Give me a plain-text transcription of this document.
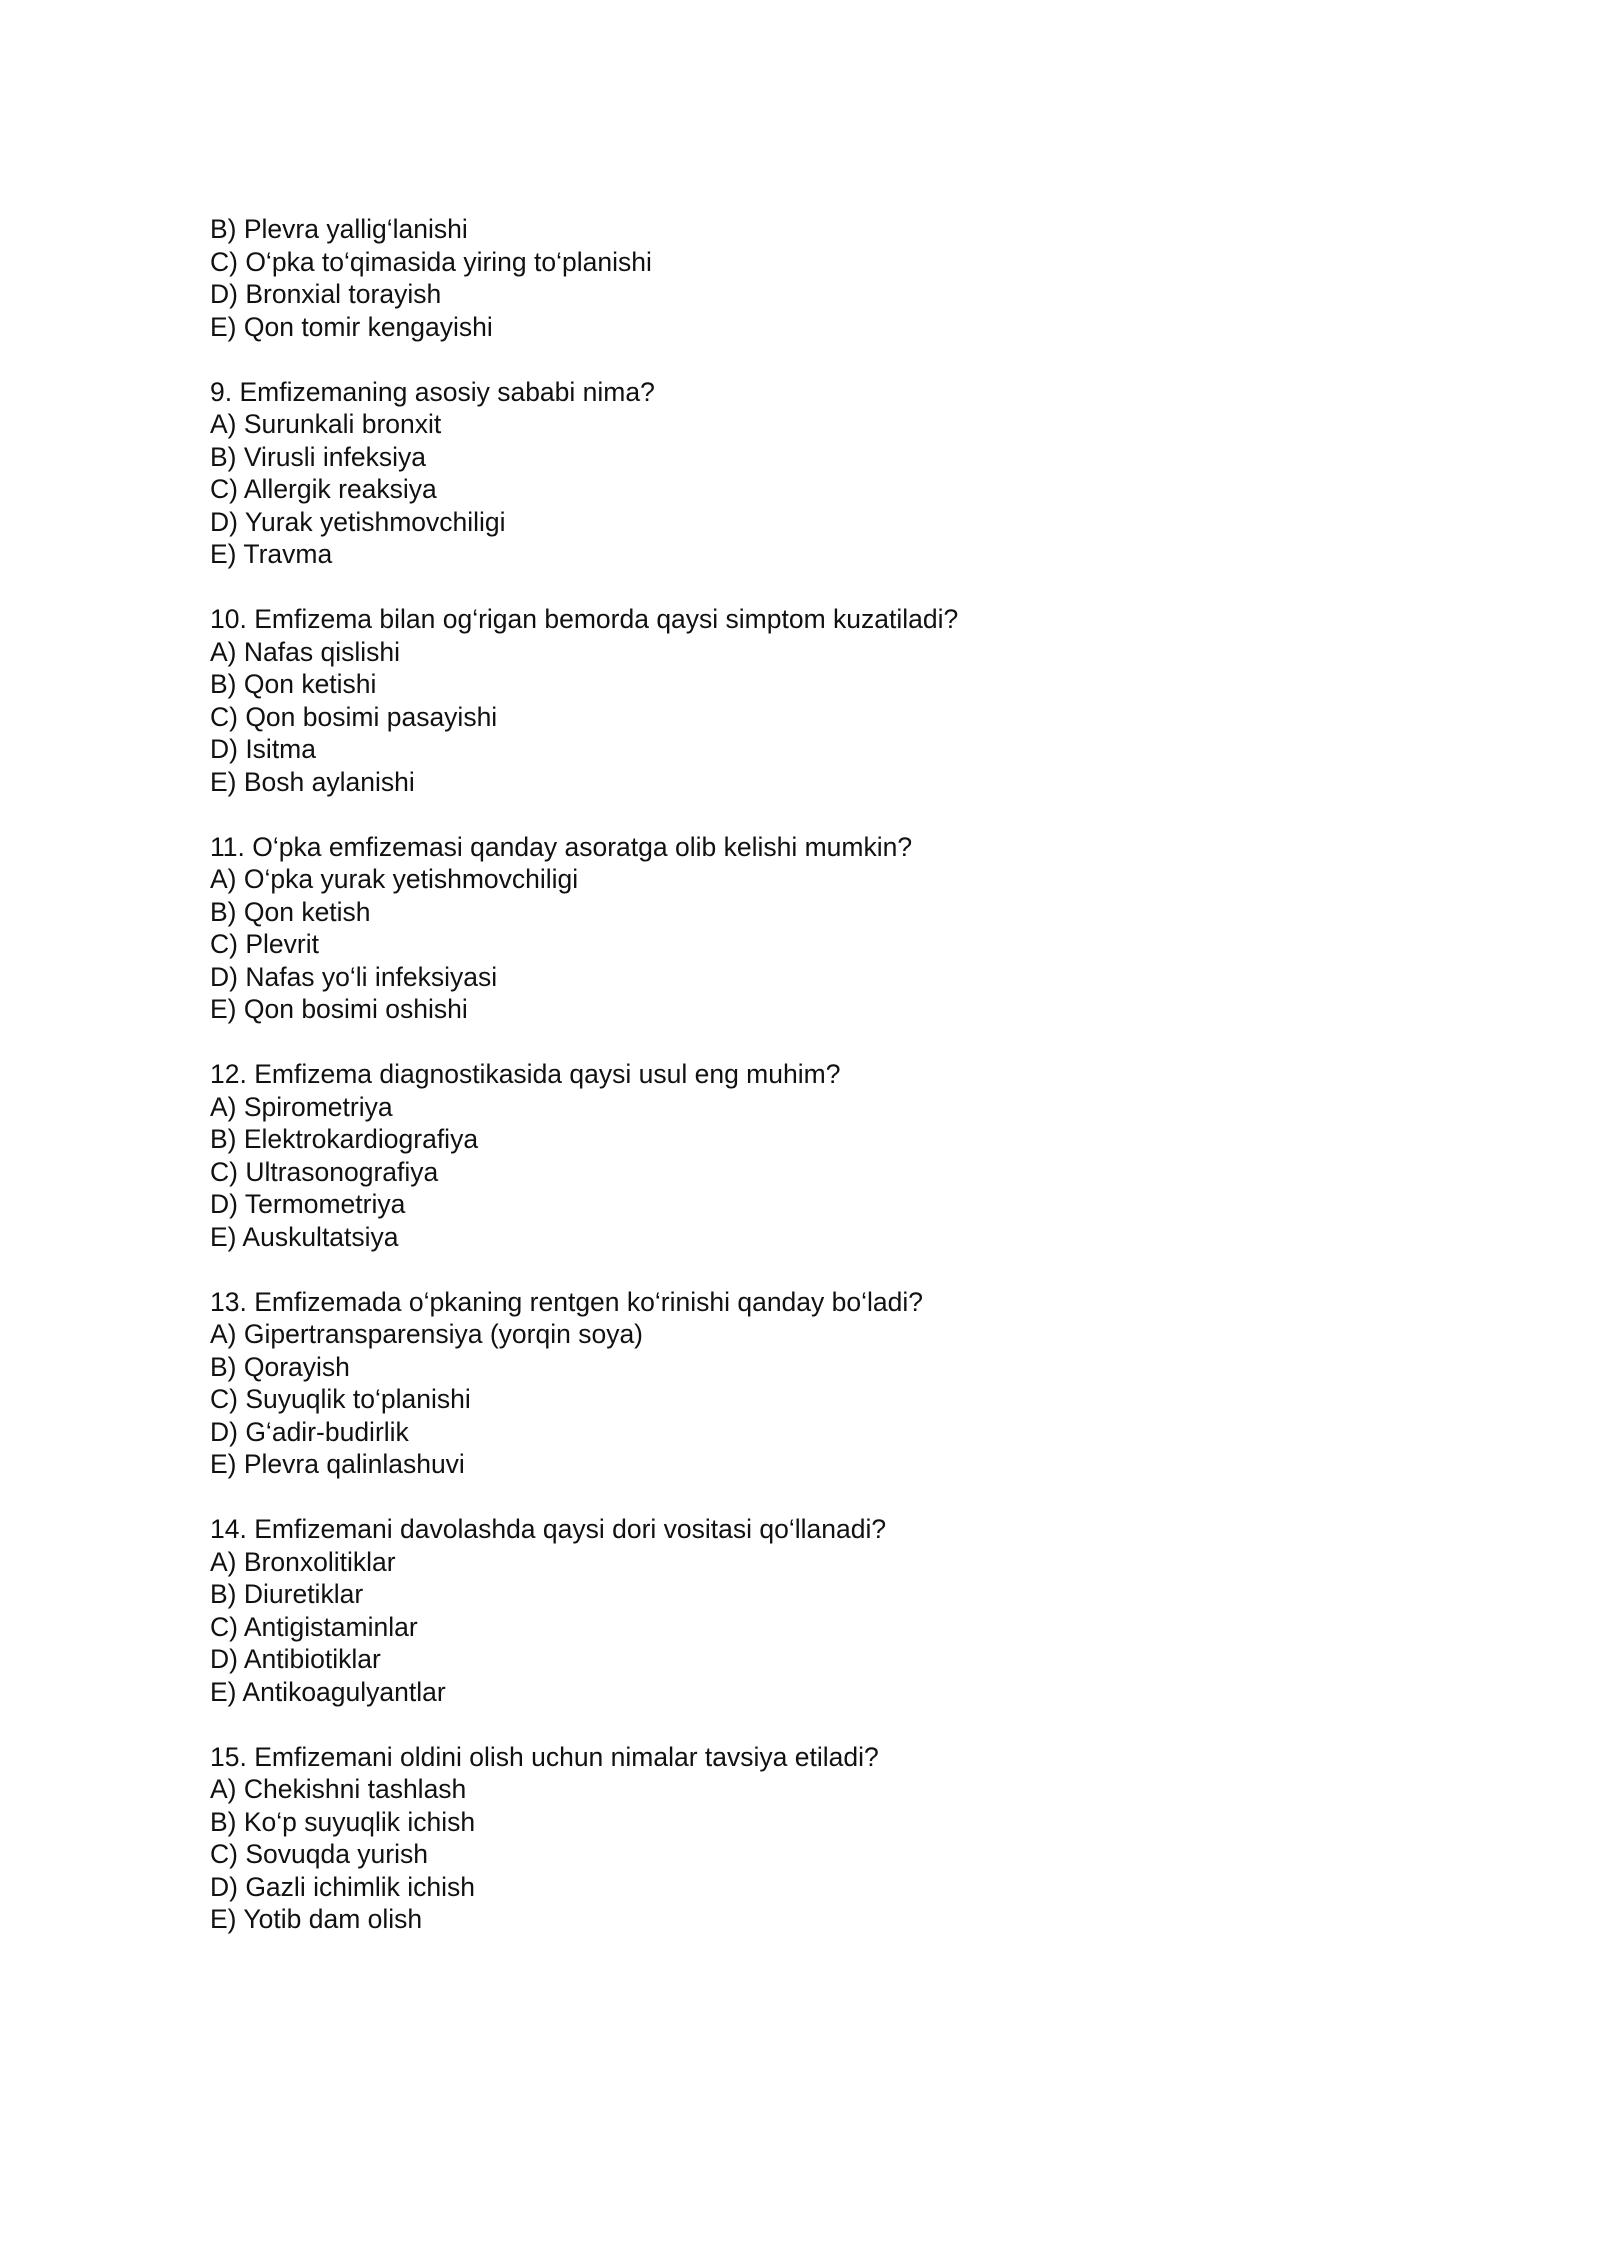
B) Plevra yallig‘lanishi
C) O‘pka to‘qimasida yiring to‘planishi
D) Bronxial torayish
E) Qon tomir kengayishi
9. Emfizemaning asosiy sababi nima?
A) Surunkali bronxit
B) Virusli infeksiya
C) Allergik reaksiya
D) Yurak yetishmovchiligi
E) Travma
10. Emfizema bilan og‘rigan bemorda qaysi simptom kuzatiladi?
A) Nafas qislishi
B) Qon ketishi
C) Qon bosimi pasayishi
D) Isitma
E) Bosh aylanishi
11. O‘pka emfizemasi qanday asoratga olib kelishi mumkin?
A) O‘pka yurak yetishmovchiligi
B) Qon ketish
C) Plevrit
D) Nafas yo‘li infeksiyasi
E) Qon bosimi oshishi
12. Emfizema diagnostikasida qaysi usul eng muhim?
A) Spirometriya
B) Elektrokardiografiya
C) Ultrasonografiya
D) Termometriya
E) Auskultatsiya
13. Emfizemada o‘pkaning rentgen ko‘rinishi qanday bo‘ladi?
A) Gipertransparensiya (yorqin soya)
B) Qorayish
C) Suyuqlik to‘planishi
D) G‘adir-budirlik
E) Plevra qalinlashuvi
14. Emfizemani davolashda qaysi dori vositasi qo‘llanadi?
A) Bronxolitiklar
B) Diuretiklar
C) Antigistaminlar
D) Antibiotiklar
E) Antikoagulyantlar
15. Emfizemani oldini olish uchun nimalar tavsiya etiladi?
A) Chekishni tashlash
B) Ko‘p suyuqlik ichish
C) Sovuqda yurish
D) Gazli ichimlik ichish
E) Yotib dam olish
